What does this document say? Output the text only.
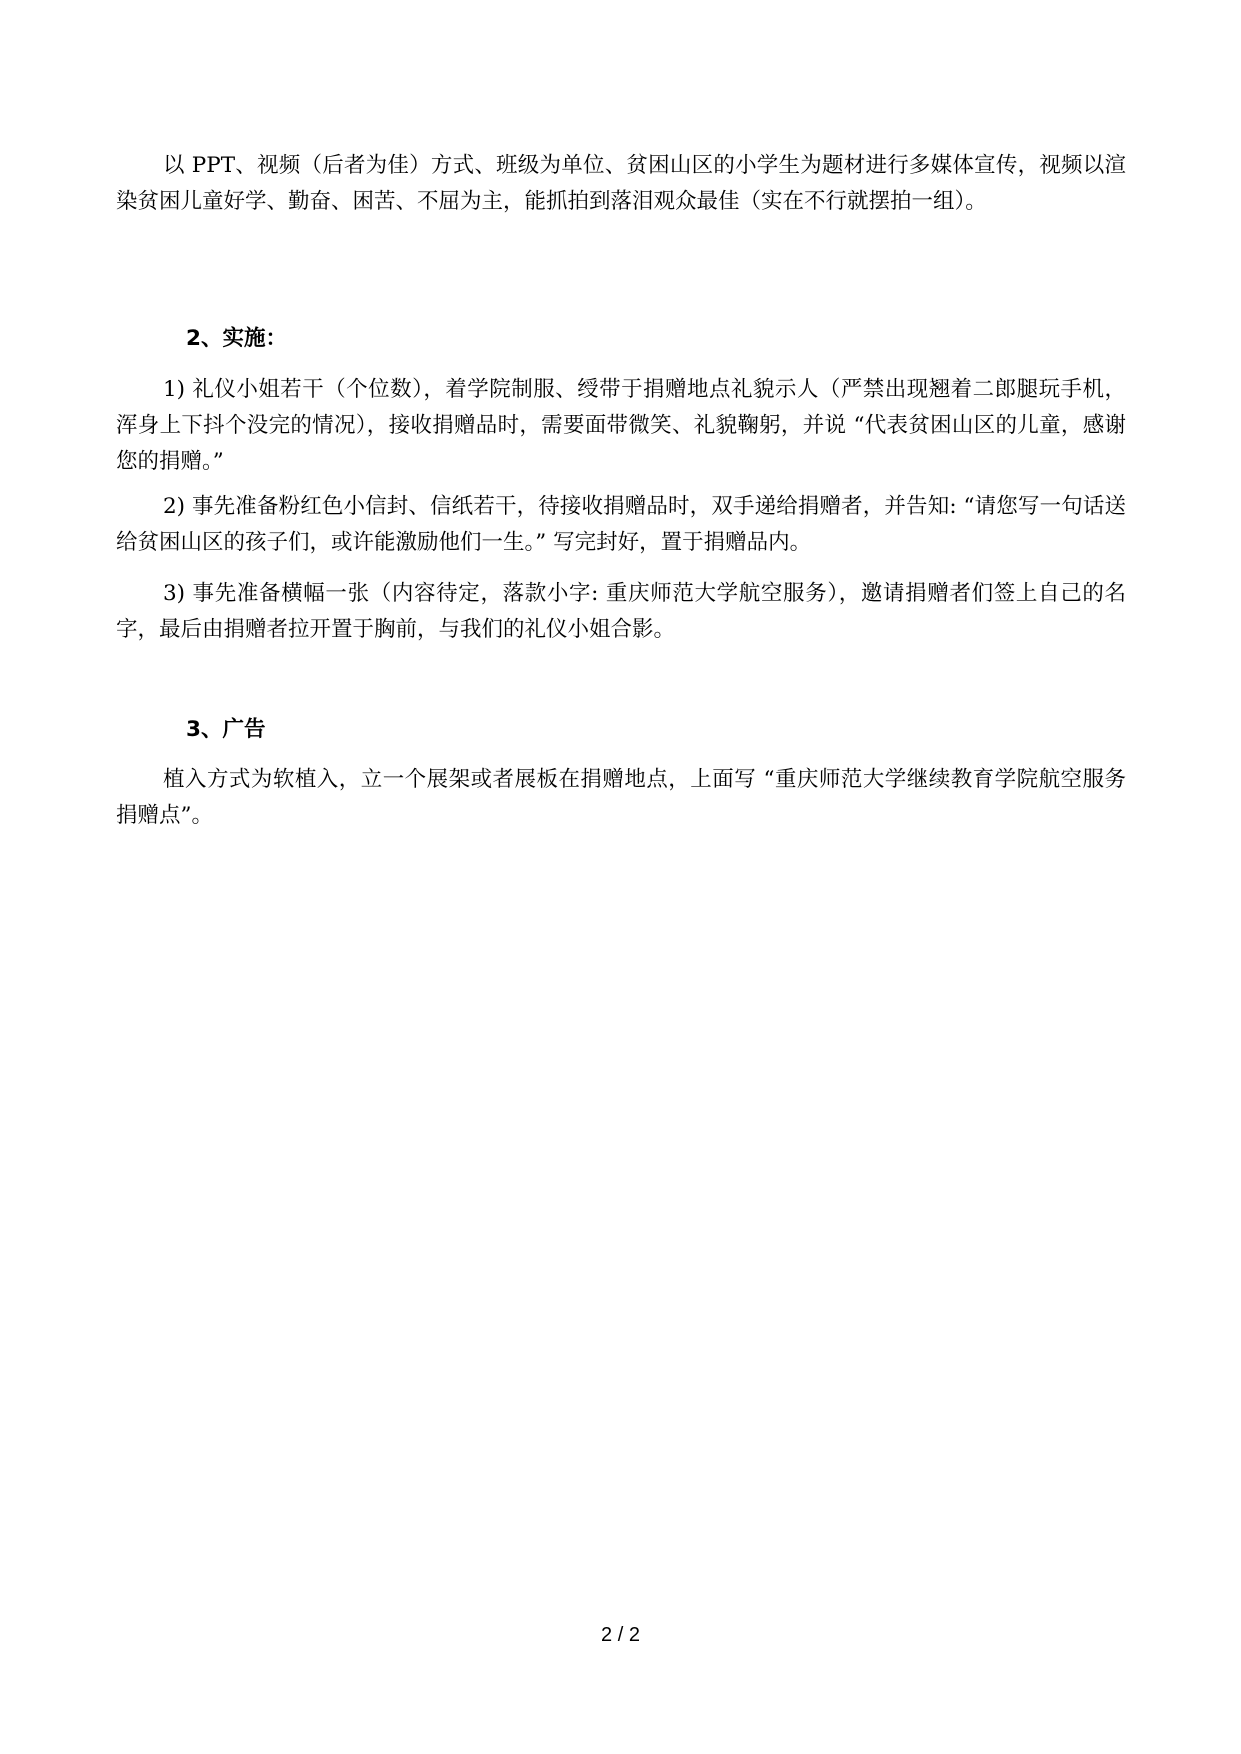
以 PPT、视频（后者为佳）方式、班级为单位、贫困山区的小学生为题材进行多媒体宣传，视频以渲染贫困儿童好学、勤奋、困苦、不屈为主，能抓拍到落泪观众最佳（实在不行就摆拍一组）。

2、实施：

1) 礼仪小姐若干（个位数），着学院制服、绶带于捐赠地点礼貌示人（严禁出现翘着二郎腿玩手机，浑身上下抖个没完的情况），接收捐赠品时，需要面带微笑、礼貌鞠躬，并说 “代表贫困山区的儿童，感谢您的捐赠。”

2) 事先准备粉红色小信封、信纸若干，待接收捐赠品时，双手递给捐赠者，并告知: “请您写一句话送给贫困山区的孩子们，或许能激励他们一生。” 写完封好，置于捐赠品内。

3) 事先准备横幅一张（内容待定，落款小字: 重庆师范大学航空服务），邀请捐赠者们签上自己的名字，最后由捐赠者拉开置于胸前，与我们的礼仪小姐合影。

3、广告

植入方式为软植入，立一个展架或者展板在捐赠地点，上面写 “重庆师范大学继续教育学院航空服务捐赠点”。

2 / 2
